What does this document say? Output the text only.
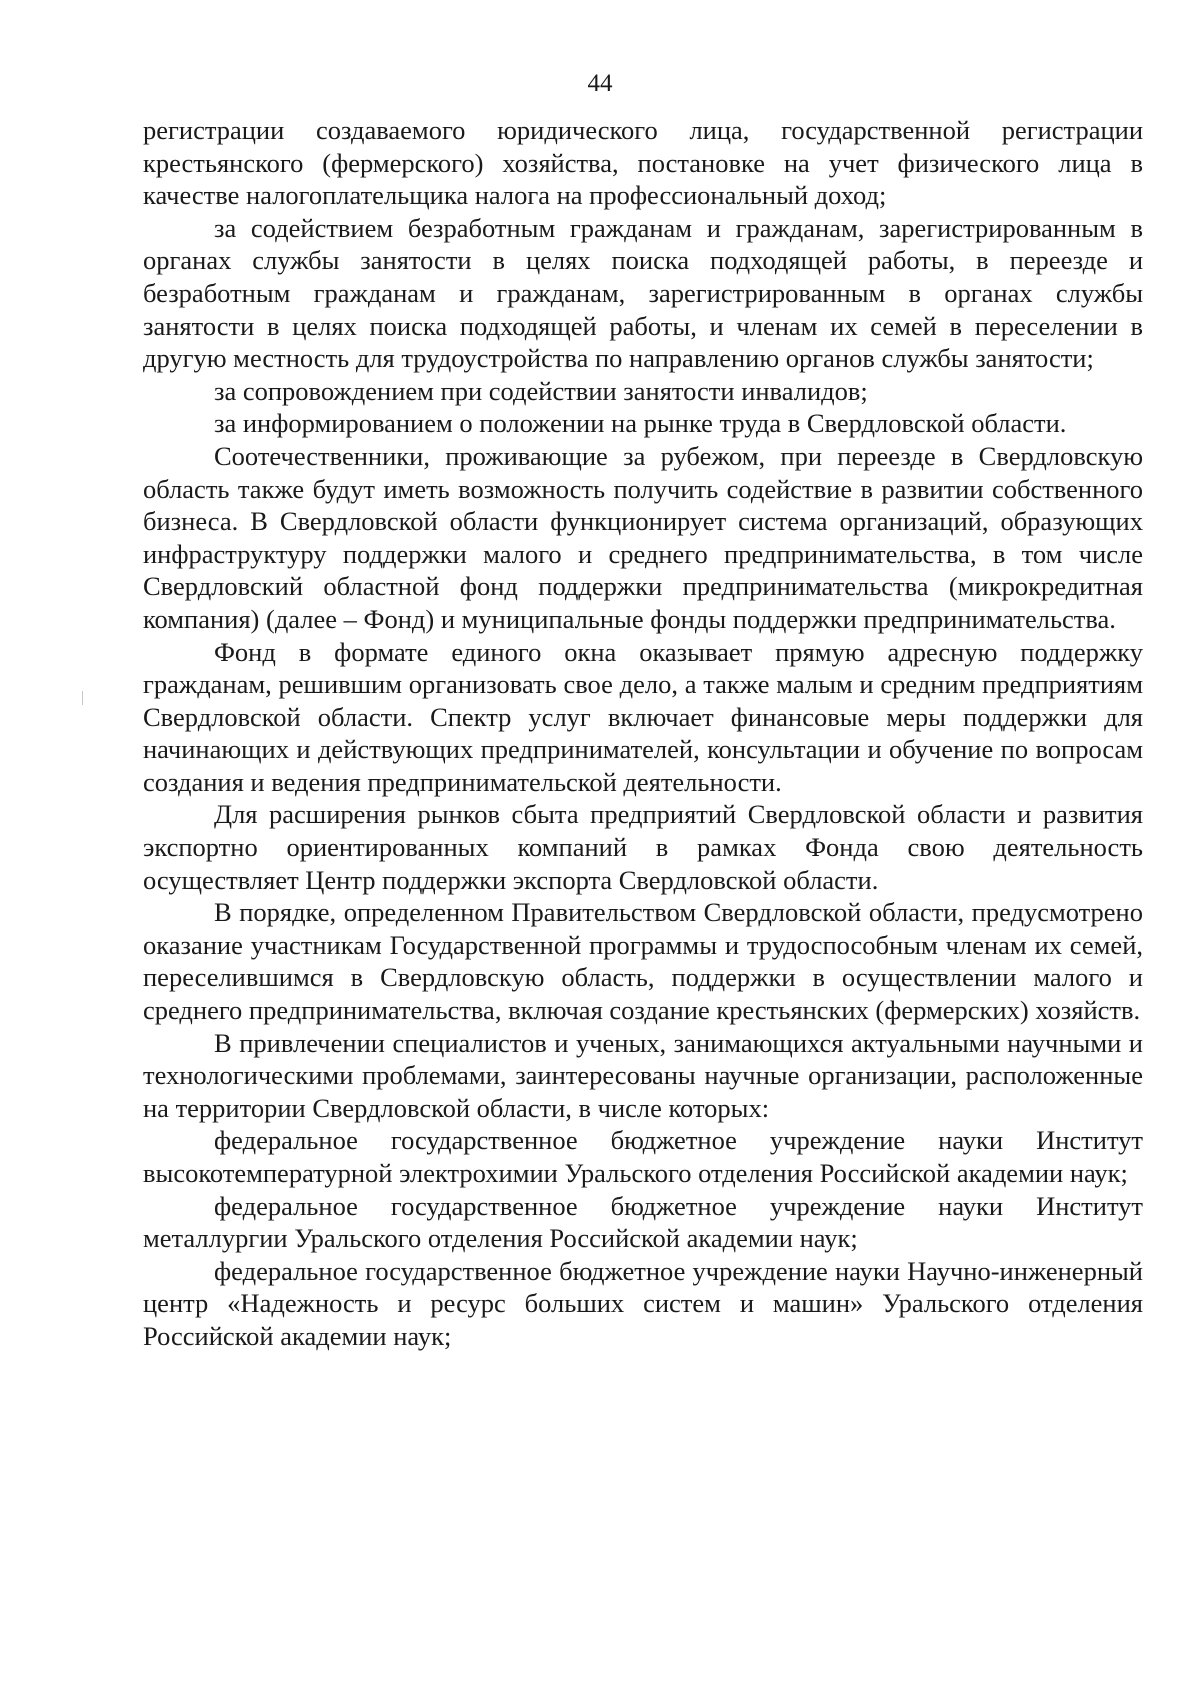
44

регистрации создаваемого юридического лица, государственной регистрации крестьянского (фермерского) хозяйства, постановке на учет физического лица в качестве налогоплательщика налога на профессиональный доход;

за содействием безработным гражданам и гражданам, зарегистрированным в органах службы занятости в целях поиска подходящей работы, в переезде и безработным гражданам и гражданам, зарегистрированным в органах службы занятости в целях поиска подходящей работы, и членам их семей в переселении в другую местность для трудоустройства по направлению органов службы занятости;

за сопровождением при содействии занятости инвалидов;

за информированием о положении на рынке труда в Свердловской области.

Соотечественники, проживающие за рубежом, при переезде в Свердловскую область также будут иметь возможность получить содействие в развитии собственного бизнеса. В Свердловской области функционирует система организаций, образующих инфраструктуру поддержки малого и среднего предпринимательства, в том числе Свердловский областной фонд поддержки предпринимательства (микрокредитная компания) (далее – Фонд) и муниципальные фонды поддержки предпринимательства.

Фонд в формате единого окна оказывает прямую адресную поддержку гражданам, решившим организовать свое дело, а также малым и средним предприятиям Свердловской области. Спектр услуг включает финансовые меры поддержки для начинающих и действующих предпринимателей, консультации и обучение по вопросам создания и ведения предпринимательской деятельности.

Для расширения рынков сбыта предприятий Свердловской области и развития экспортно ориентированных компаний в рамках Фонда свою деятельность осуществляет Центр поддержки экспорта Свердловской области.

В порядке, определенном Правительством Свердловской области, предусмотрено оказание участникам Государственной программы и трудоспособным членам их семей, переселившимся в Свердловскую область, поддержки в осуществлении малого и среднего предпринимательства, включая создание крестьянских (фермерских) хозяйств.

В привлечении специалистов и ученых, занимающихся актуальными научными и технологическими проблемами, заинтересованы научные организации, расположенные на территории Свердловской области, в числе которых:

федеральное государственное бюджетное учреждение науки Институт высокотемпературной электрохимии Уральского отделения Российской академии наук;

федеральное государственное бюджетное учреждение науки Институт металлургии Уральского отделения Российской академии наук;

федеральное государственное бюджетное учреждение науки Научно-инженерный центр «Надежность и ресурс больших систем и машин» Уральского отделения Российской академии наук;
